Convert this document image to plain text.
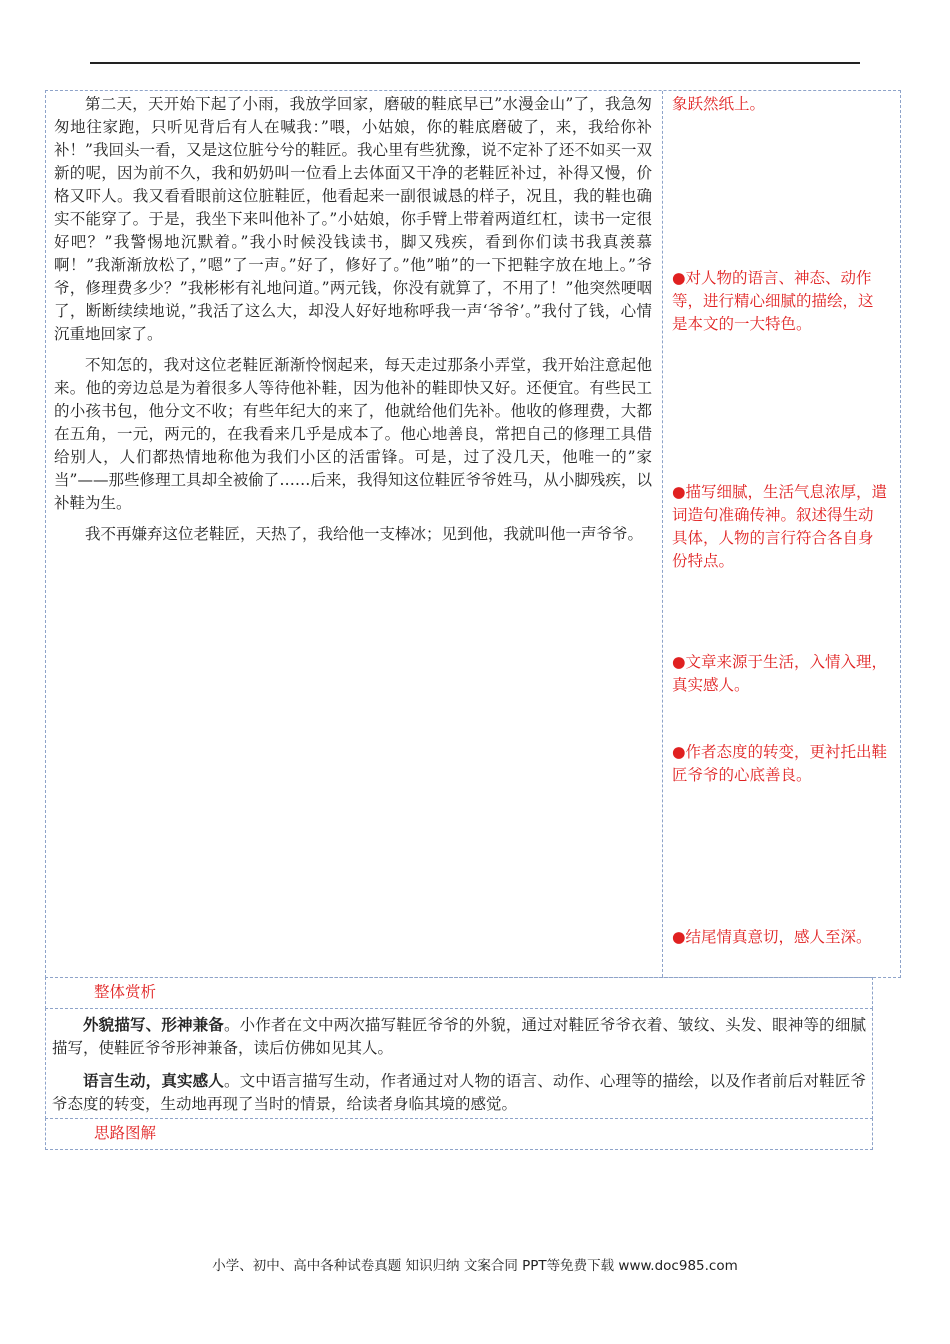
第二天，天开始下起了小雨，我放学回家，磨破的鞋底早已”水漫金山”了，我急匆匆地往家跑，只听见背后有人在喊我：”喂，小姑娘，你的鞋底磨破了，来，我给你补补！”我回头一看，又是这位脏兮兮的鞋匠。我心里有些犹豫，说不定补了还不如买一双新的呢，因为前不久，我和奶奶叫一位看上去体面又干净的老鞋匠补过，补得又慢，价格又吓人。我又看看眼前这位脏鞋匠，他看起来一副很诚恳的样子，况且，我的鞋也确实不能穿了。于是，我坐下来叫他补了。”小姑娘，你手臂上带着两道红杠，读书一定很好吧？”我警惕地沉默着。”我小时候没钱读书，脚又残疾，看到你们读书我真羡慕啊！”我渐渐放松了，”嗯”了一声。”好了，修好了。”他”啪”的一下把鞋字放在地上。”爷爷，修理费多少？”我彬彬有礼地问道。”两元钱，你没有就算了，不用了！”他突然哽咽了，断断续续地说，”我活了这么大，却没人好好地称呼我一声‘爷爷’。”我付了钱，心情沉重地回家了。

不知怎的，我对这位老鞋匠渐渐怜悯起来，每天走过那条小弄堂，我开始注意起他来。他的旁边总是为着很多人等待他补鞋，因为他补的鞋即快又好。还便宜。有些民工的小孩书包，他分文不收；有些年纪大的来了，他就给他们先补。他收的修理费，大都在五角，一元，两元的，在我看来几乎是成本了。他心地善良，常把自己的修理工具借给别人，人们都热情地称他为我们小区的活雷锋。可是，过了没几天，他唯一的”家当”——那些修理工具却全被偷了……后来，我得知这位鞋匠爷爷姓马，从小脚残疾，以补鞋为生。

我不再嫌弃这位老鞋匠，天热了，我给他一支棒冰；见到他，我就叫他一声爷爷。

象跃然纸上。
●对人物的语言、神态、动作等，进行精心细腻的描绘，这是本文的一大特色。
●描写细腻，生活气息浓厚，遣词造句准确传神。叙述得生动具体，人物的言行符合各自身份特点。
●文章来源于生活，入情入理，真实感人。
●作者态度的转变，更衬托出鞋匠爷爷的心底善良。
●结尾情真意切，感人至深。
整体赏析

外貌描写、形神兼备。小作者在文中两次描写鞋匠爷爷的外貌，通过对鞋匠爷爷衣着、皱纹、头发、眼神等的细腻描写，使鞋匠爷爷形神兼备，读后仿佛如见其人。

语言生动，真实感人。文中语言描写生动，作者通过对人物的语言、动作、心理等的描绘，以及作者前后对鞋匠爷爷态度的转变，生动地再现了当时的情景，给读者身临其境的感觉。

思路图解
小学、初中、高中各种试卷真题 知识归纳 文案合同 PPT等免费下载 www.doc985.com
